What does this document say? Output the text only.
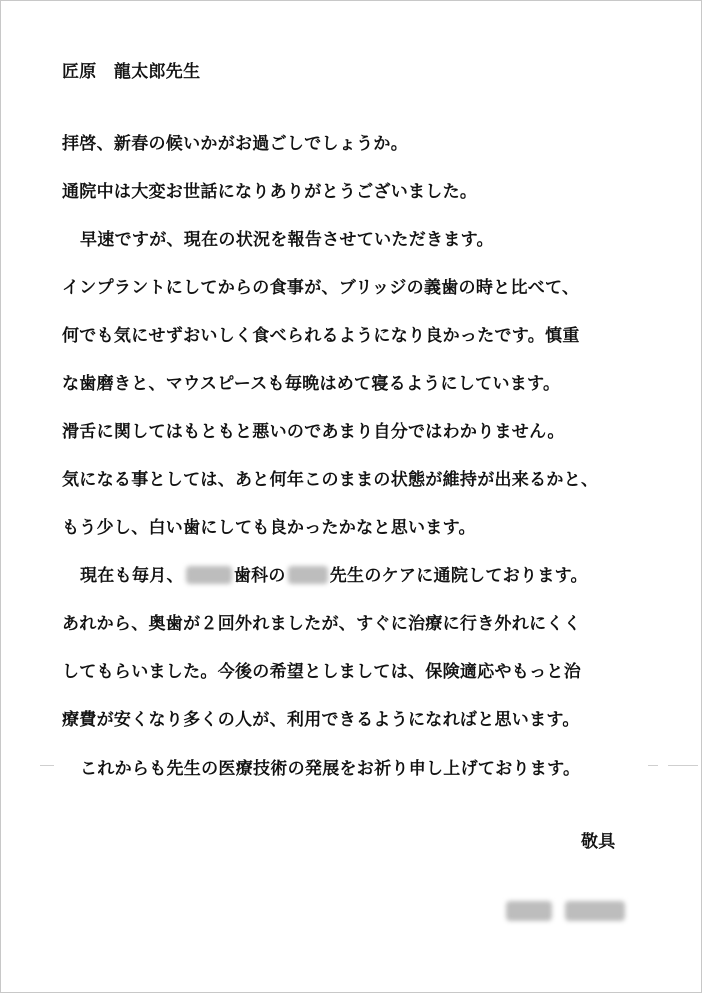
匠原　龍太郎先生
拝啓、新春の候いかがお過ごしでしょうか。
通院中は大変お世話になりありがとうございました。
早速ですが、現在の状況を報告させていただきます。
インプラントにしてからの食事が、ブリッジの義歯の時と比べて、
何でも気にせずおいしく食べられるようになり良かったです。慎重
な歯磨きと、マウスピースも毎晩はめて寝るようにしています。
滑舌に関してはもともと悪いのであまり自分ではわかりません。
気になる事としては、あと何年このままの状態が維持が出来るかと、
もう少し、白い歯にしても良かったかなと思います。
現在も毎月、	歯科の	先生のケアに通院しております。
あれから、奥歯が２回外れましたが、すぐに治療に行き外れにくく
してもらいました。今後の希望としましては、保険適応やもっと治
療費が安くなり多くの人が、利用できるようになればと思います。
これからも先生の医療技術の発展をお祈り申し上げております。
敬具
